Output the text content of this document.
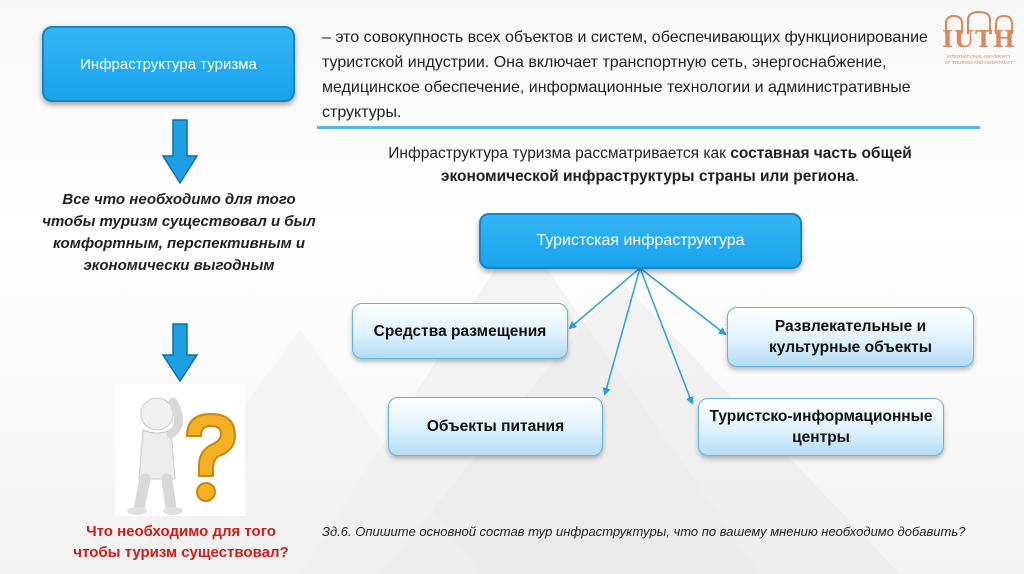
Инфраструктура туризма
– это совокупность всех объектов и систем, обеспечивающих функционирование туристской индустрии. Она включает транспортную сеть, энергоснабжение, медицинское обеспечение, информационные технологии и административные структуры.
Инфраструктура туризма рассматривается как составная часть общей экономической инфраструктуры страны или региона.
Все что необходимо для того чтобы туризм существовал и был комфортным, перспективным и экономически выгодным
Что необходимо для того чтобы туризм существовал?
Туристская инфраструктура
Средства размещения	Развлекательные и культурные объекты
Объекты питания
Туристско-информационные центры
Зд.6. Опишите основной состав тур инфраструктуры, что по вашему мнению необходимо добавить?
IUTH
INTERNATIONAL UNIVERSITY
OF TOURISM AND HOSPITALITY
